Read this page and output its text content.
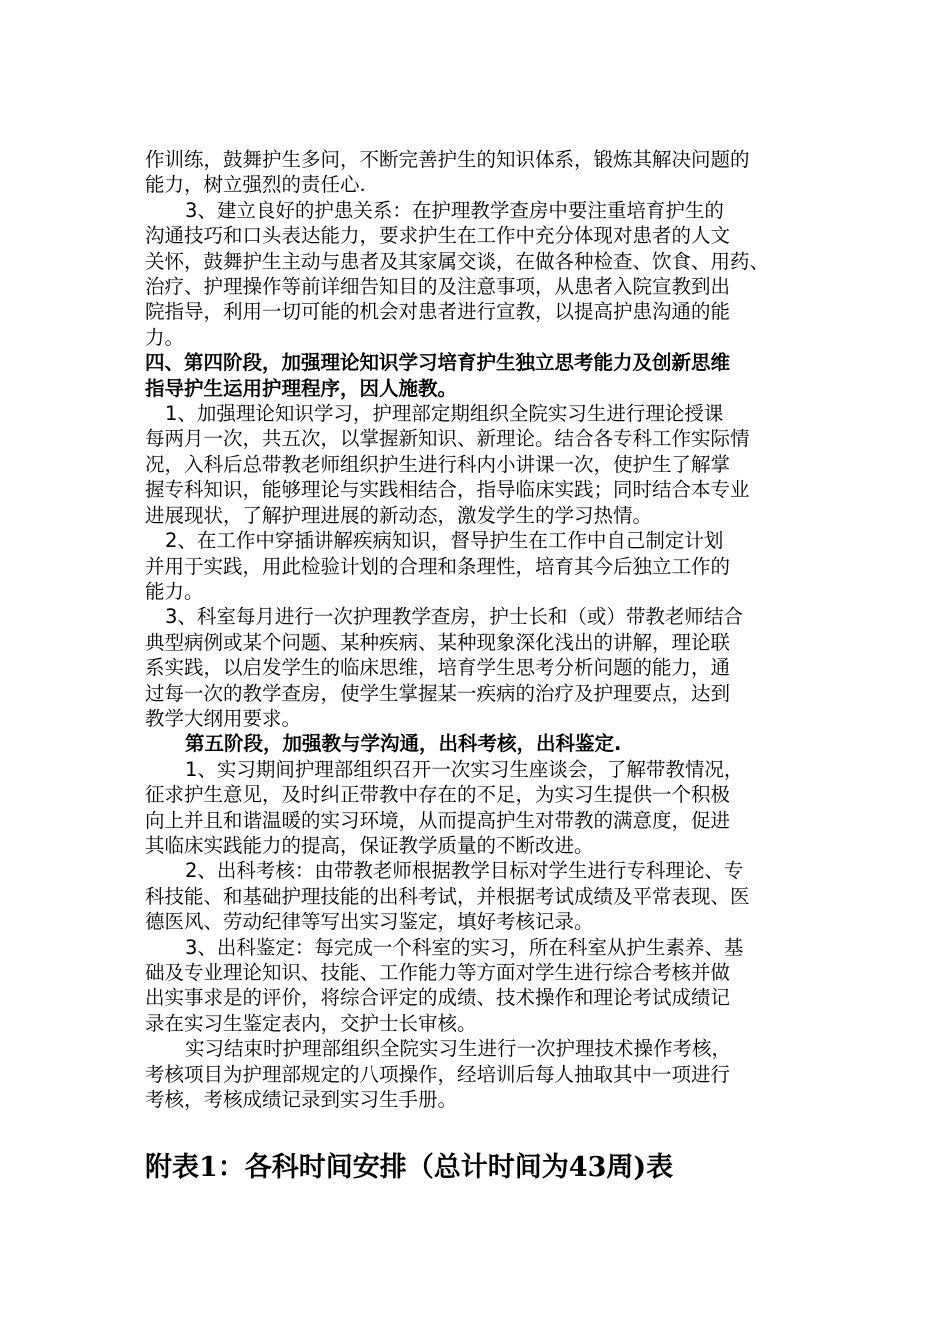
作训练，鼓舞护生多问，不断完善护生的知识体系，锻炼其解决问题的

能力，树立强烈的责任心.

3、建立良好的护患关系：在护理教学查房中要注重培育护生的

沟通技巧和口头表达能力，要求护生在工作中充分体现对患者的人文

关怀，鼓舞护生主动与患者及其家属交谈，在做各种检查、饮食、用药、

治疗、护理操作等前详细告知目的及注意事项，从患者入院宣教到出

院指导，利用一切可能的机会对患者进行宣教，以提高护患沟通的能

力。

四、第四阶段，加强理论知识学习培育护生独立思考能力及创新思维

指导护生运用护理程序，因人施教。

1、加强理论知识学习，护理部定期组织全院实习生进行理论授课

每两月一次，共五次，以掌握新知识、新理论。结合各专科工作实际情

况，入科后总带教老师组织护生进行科内小讲课一次，使护生了解掌

握专科知识，能够理论与实践相结合，指导临床实践；同时结合本专业

进展现状，了解护理进展的新动态，激发学生的学习热情。

2、在工作中穿插讲解疾病知识，督导护生在工作中自己制定计划

并用于实践，用此检验计划的合理和条理性，培育其今后独立工作的

能力。

3、科室每月进行一次护理教学查房，护士长和（或）带教老师结合

典型病例或某个问题、某种疾病、某种现象深化浅出的讲解，理论联

系实践，以启发学生的临床思维，培育学生思考分析问题的能力，通

过每一次的教学查房，使学生掌握某一疾病的治疗及护理要点，达到

教学大纲用要求。

第五阶段，加强教与学沟通，出科考核，出科鉴定.

1、实习期间护理部组织召开一次实习生座谈会，了解带教情况，

征求护生意见，及时纠正带教中存在的不足，为实习生提供一个积极

向上并且和谐温暖的实习环境，从而提高护生对带教的满意度，促进

其临床实践能力的提高，保证教学质量的不断改进。

2、出科考核：由带教老师根据教学目标对学生进行专科理论、专

科技能、和基础护理技能的出科考试，并根据考试成绩及平常表现、医

德医风、劳动纪律等写出实习鉴定，填好考核记录。

3、出科鉴定：每完成一个科室的实习，所在科室从护生素养、基

础及专业理论知识、技能、工作能力等方面对学生进行综合考核并做

出实事求是的评价，将综合评定的成绩、技术操作和理论考试成绩记

录在实习生鉴定表内，交护士长审核。

实习结束时护理部组织全院实习生进行一次护理技术操作考核，

考核项目为护理部规定的八项操作，经培训后每人抽取其中一项进行

考核，考核成绩记录到实习生手册。

附表1：各科时间安排（总计时间为43周)表
